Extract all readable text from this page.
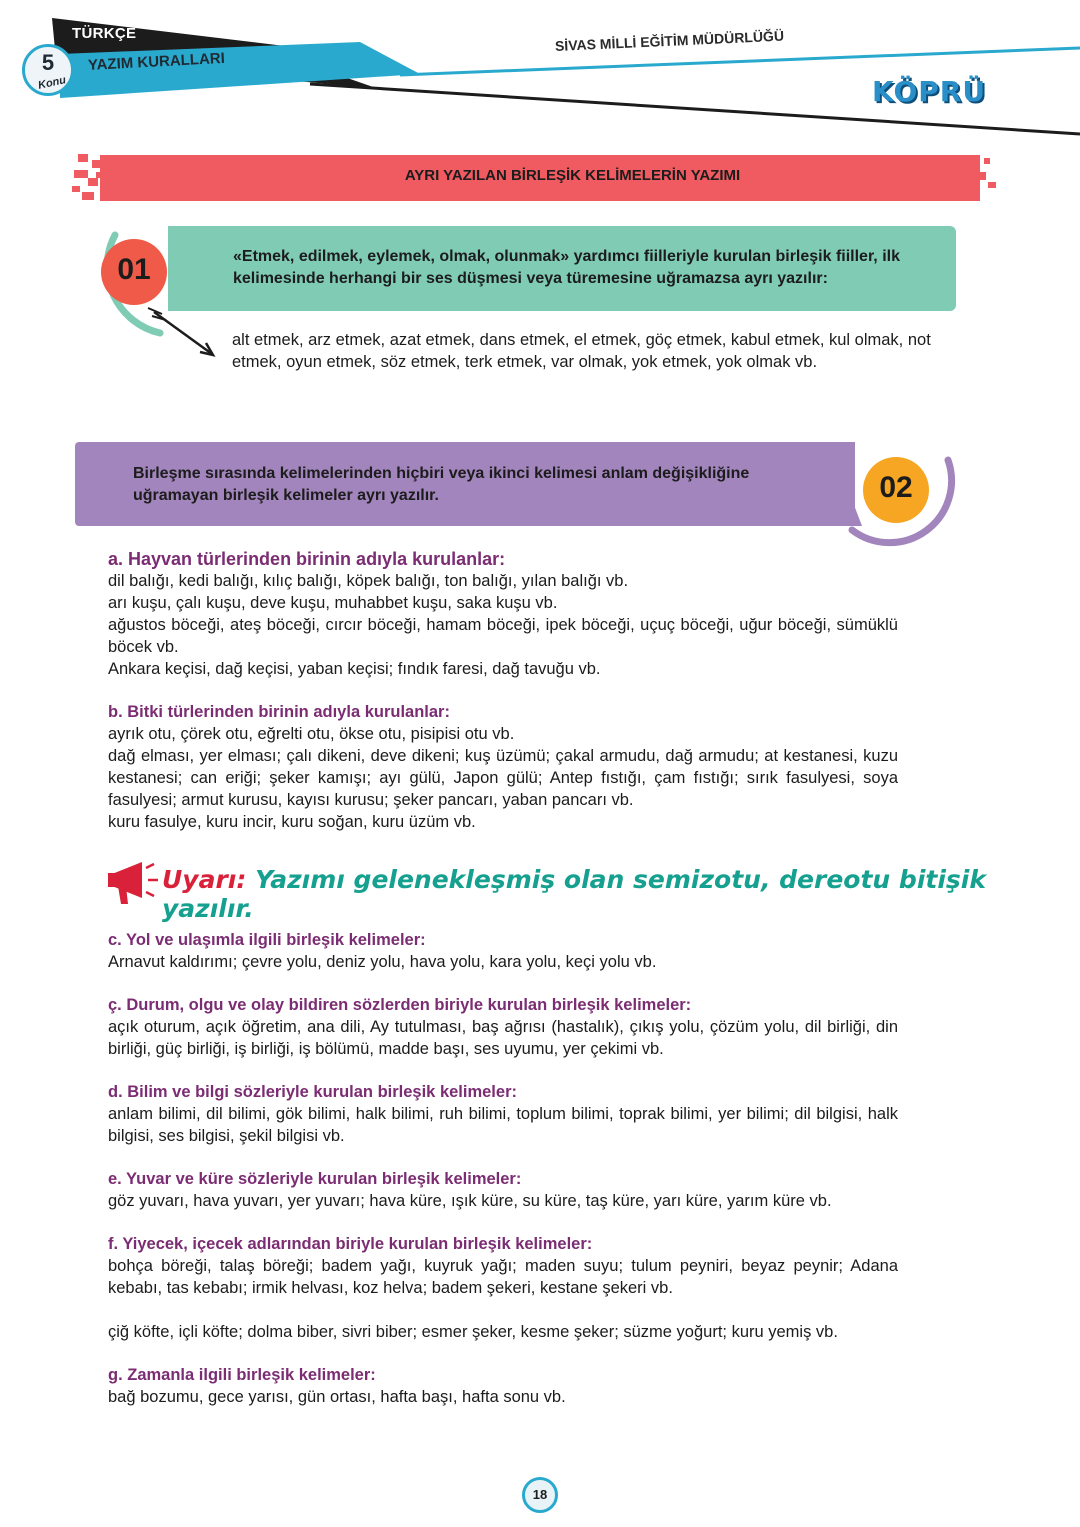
TÜRKÇE
5
Konu
YAZIM KURALLARI
SİVAS MİLLİ EĞİTİM MÜDÜRLÜĞÜ
KÖPRÜ
AYRI YAZILAN BİRLEŞİK KELİMELERİN YAZIMI
01	«Etmek, edilmek, eylemek, olmak, olunmak» yardımcı fiilleriyle kurulan birleşik fiiller, ilk kelimesinde herhangi bir ses düşmesi veya türemesine uğramazsa ayrı yazılır:
alt etmek, arz etmek, azat etmek, dans etmek, el etmek, göç etmek, kabul etmek, kul olmak, not etmek, oyun etmek, söz etmek, terk etmek, var olmak, yok etmek, yok olmak vb.
02
Birleşme sırasında kelimelerinden hiçbiri veya ikinci kelimesi anlam değişikliğine uğramayan birleşik kelimeler ayrı yazılır.
a. Hayvan türlerinden birinin adıyla kurulanlar:
dil balığı, kedi balığı, kılıç balığı, köpek balığı, ton balığı, yılan balığı vb.
arı kuşu, çalı kuşu, deve kuşu, muhabbet kuşu, saka kuşu vb.
ağustos böceği, ateş böceği, cırcır böceği, hamam böceği, ipek böceği, uçuç böceği, uğur böceği, sümüklü böcek vb.
Ankara keçisi, dağ keçisi, yaban keçisi; fındık faresi, dağ tavuğu vb.
b. Bitki türlerinden birinin adıyla kurulanlar:
ayrık otu, çörek otu, eğrelti otu, ökse otu, pisipisi otu vb.
dağ elması, yer elması; çalı dikeni, deve dikeni; kuş üzümü; çakal armudu, dağ armudu; at kestanesi, kuzu kestanesi; can eriği; şeker kamışı; ayı gülü, Japon gülü; Antep fıstığı, çam fıstığı; sırık fasulyesi, soya fasulyesi; armut kurusu, kayısı kurusu; şeker pancarı, yaban pancarı vb.
kuru fasulye, kuru incir, kuru soğan, kuru üzüm vb.
Uyarı: Yazımı gelenekleşmiş olan semizotu, dereotu bitişik yazılır.
c. Yol ve ulaşımla ilgili birleşik kelimeler:
Arnavut kaldırımı; çevre yolu, deniz yolu, hava yolu, kara yolu, keçi yolu vb.
ç. Durum, olgu ve olay bildiren sözlerden biriyle kurulan birleşik kelimeler:
açık oturum, açık öğretim, ana dili, Ay tutulması, baş ağrısı (hastalık), çıkış yolu, çözüm yolu, dil birliği, din birliği, güç birliği, iş birliği, iş bölümü, madde başı, ses uyumu, yer çekimi vb.
d. Bilim ve bilgi sözleriyle kurulan birleşik kelimeler:
anlam bilimi, dil bilimi, gök bilimi, halk bilimi, ruh bilimi, toplum bilimi, toprak bilimi, yer bilimi; dil bilgisi, halk bilgisi, ses bilgisi, şekil bilgisi vb.
e. Yuvar ve küre sözleriyle kurulan birleşik kelimeler:
göz yuvarı, hava yuvarı, yer yuvarı; hava küre, ışık küre, su küre, taş küre, yarı küre, yarım küre vb.
f. Yiyecek, içecek adlarından biriyle kurulan birleşik kelimeler:
bohça böreği, talaş böreği; badem yağı, kuyruk yağı; maden suyu; tulum peyniri, beyaz peynir; Adana kebabı, tas kebabı; irmik helvası, koz helva; badem şekeri, kestane şekeri vb.
çiğ köfte, içli köfte; dolma biber, sivri biber; esmer şeker, kesme şeker; süzme yoğurt; kuru yemiş vb.
g. Zamanla ilgili birleşik kelimeler:
bağ bozumu, gece yarısı, gün ortası, hafta başı, hafta sonu vb.
18
